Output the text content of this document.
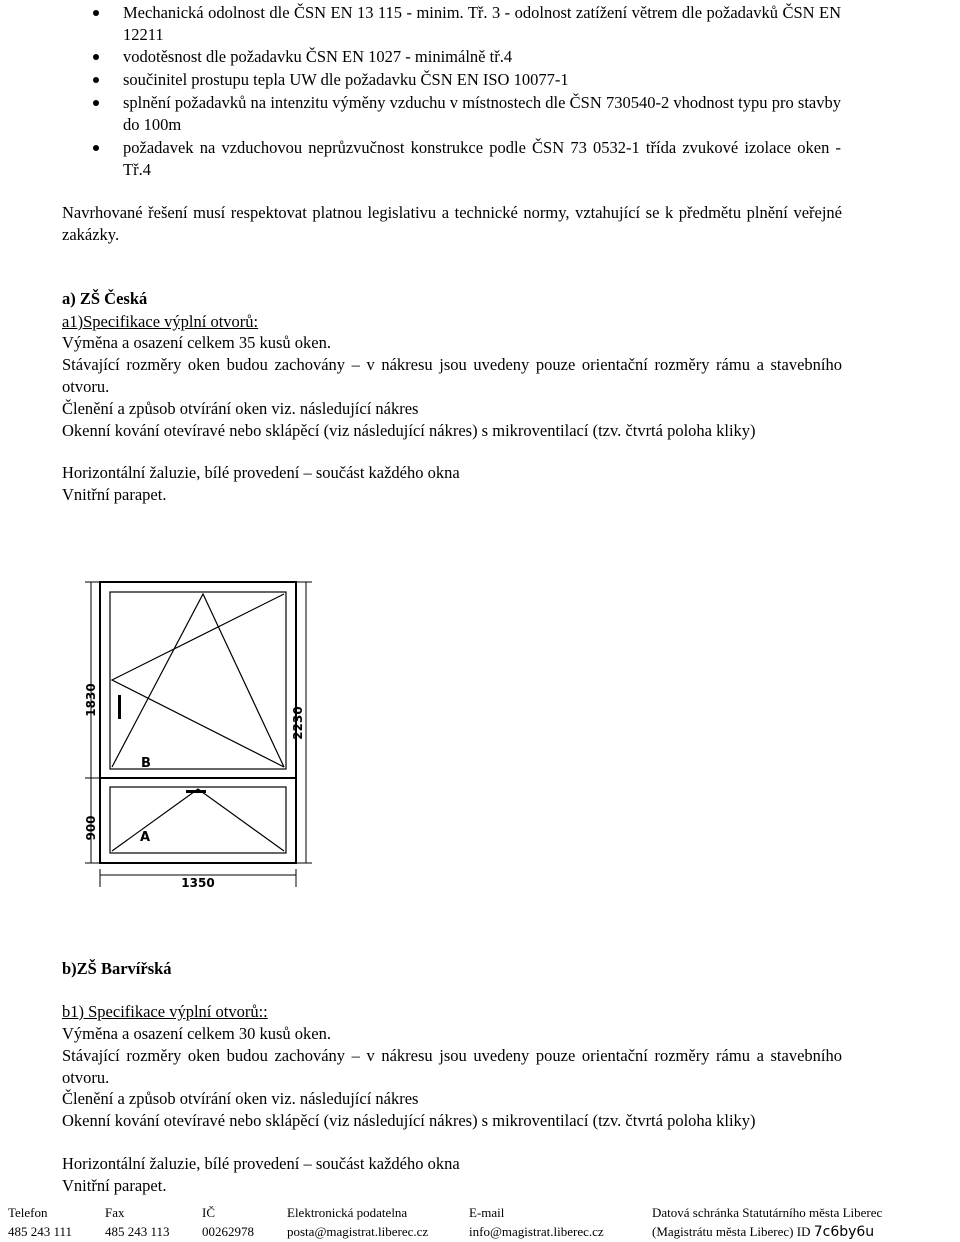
Mechanická odolnost dle ČSN EN 13 115 - minim. Tř. 3 - odolnost zatížení větrem dle požadavků ČSN EN 12211
vodotěsnost dle požadavku ČSN EN 1027 - minimálně tř.4
součinitel prostupu tepla UW dle požadavku ČSN EN ISO 10077-1
splnění požadavků na intenzitu výměny vzduchu v místnostech dle ČSN 730540-2 vhodnost typu pro stavby do 100m
požadavek na vzduchovou neprůzvučnost konstrukce podle ČSN 73 0532-1 třída zvukové izolace oken - Tř.4
Navrhované řešení musí respektovat platnou legislativu a technické normy, vztahující se k předmětu plnění veřejné zakázky.
a) ZŠ Česká
a1)Specifikace výplní otvorů:
Výměna a osazení celkem 35 kusů oken.
Stávající rozměry oken budou zachovány – v nákresu jsou uvedeny pouze orientační rozměry rámu a stavebního otvoru.
Členění a způsob otvírání oken viz. následující nákres
Okenní kování otevíravé nebo sklápěcí (viz následující nákres) s mikroventilací (tzv. čtvrtá poloha kliky)
Horizontální žaluzie, bílé provedení – součást každého okna
Vnitřní parapet.
B
A
1830
900
2230
1350
b)ZŠ Barvířská
b1) Specifikace výplní otvorů::
Výměna a osazení celkem 30 kusů oken.
Stávající rozměry oken budou zachovány – v nákresu jsou uvedeny pouze orientační rozměry rámu a stavebního otvoru.
Členění a způsob otvírání oken viz. následující nákres
Okenní kování otevíravé nebo sklápěcí (viz následující nákres) s mikroventilací (tzv. čtvrtá poloha kliky)
Horizontální žaluzie, bílé provedení – součást každého okna
Vnitřní parapet.
Telefon
485 243 111
Fax
485 243 113
IČ
00262978
Elektronická podatelna
posta@magistrat.liberec.cz
E-mail
info@magistrat.liberec.cz
Datová schránka Statutárního města Liberec
(Magistrátu města Liberec) ID 7c6by6u
